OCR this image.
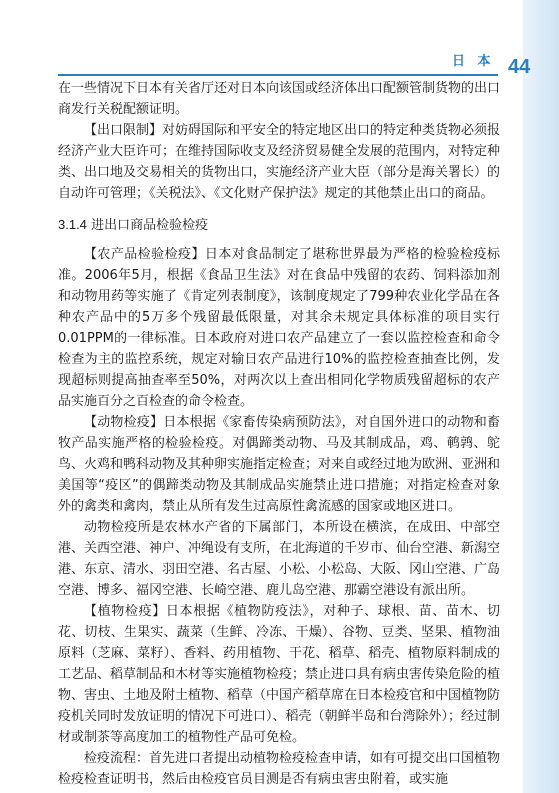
日 本 44

在一些情况下日本有关省厅还对日本向该国或经济体出口配额管制货物的出口商发行关税配额证明。

【出口限制】对妨碍国际和平安全的特定地区出口的特定种类货物必须报经济产业大臣许可；在维持国际收支及经济贸易健全发展的范围内，对特定种类、出口地及交易相关的货物出口，实施经济产业大臣（部分是海关署长）的自动许可管理；《关税法》、《文化财产保护法》规定的其他禁止出口的商品。

3.1.4 进出口商品检验检疫

【农产品检验检疫】日本对食品制定了堪称世界最为严格的检验检疫标准。2006年5月，根据《食品卫生法》对在食品中残留的农药、饲料添加剂和动物用药等实施了《肯定列表制度》，该制度规定了799种农业化学品在各种农产品中的5万多个残留最低限量，对其余未规定具体标准的项目实行0.01PPM的一律标准。日本政府对进口农产品建立了一套以监控检查和命令检查为主的监控系统，规定对输日农产品进行10%的监控检查抽查比例，发现超标则提高抽查率至50%，对两次以上查出相同化学物质残留超标的农产品实施百分之百检查的命令检查。

【动物检疫】日本根据《家畜传染病预防法》，对自国外进口的动物和畜牧产品实施严格的检验检疫。对偶蹄类动物、马及其制成品，鸡、鹌鹑、鸵鸟、火鸡和鸭科动物及其种卵实施指定检查；对来自或经过地为欧洲、亚洲和美国等“疫区”的偶蹄类动物及其制成品实施禁止进口措施；对指定检查对象外的禽类和禽肉，禁止从所有发生过高原性禽流感的国家或地区进口。

动物检疫所是农林水产省的下属部门，本所设在横滨，在成田、中部空港、关西空港、神户、冲绳设有支所，在北海道的千岁市、仙台空港、新潟空港、东京、清水、羽田空港、名古屋、小松、小松岛、大阪、冈山空港、广岛空港、博多、福冈空港、长崎空港、鹿儿岛空港、那霸空港设有派出所。

【植物检疫】日本根据《植物防疫法》，对种子、球根、苗、苗木、切花、切枝、生果实、蔬菜（生鲜、冷冻、干燥）、谷物、豆类、坚果、植物油原料（芝麻、菜籽）、香料、药用植物、干花、稻草、稻壳、植物原料制成的工艺品、稻草制品和木材等实施植物检疫；禁止进口具有病虫害传染危险的植物、害虫、土地及附土植物、稻草（中国产稻草席在日本检疫官和中国植物防疫机关同时发放证明的情况下可进口）、稻壳（朝鲜半岛和台湾除外）；经过制材或制茶等高度加工的植物性产品可免检。

检疫流程：首先进口者提出动植物检疫检查申请，如有可提交出口国植物检疫检查证明书，然后由检疫官员目测是否有病虫害虫附着，或实施
